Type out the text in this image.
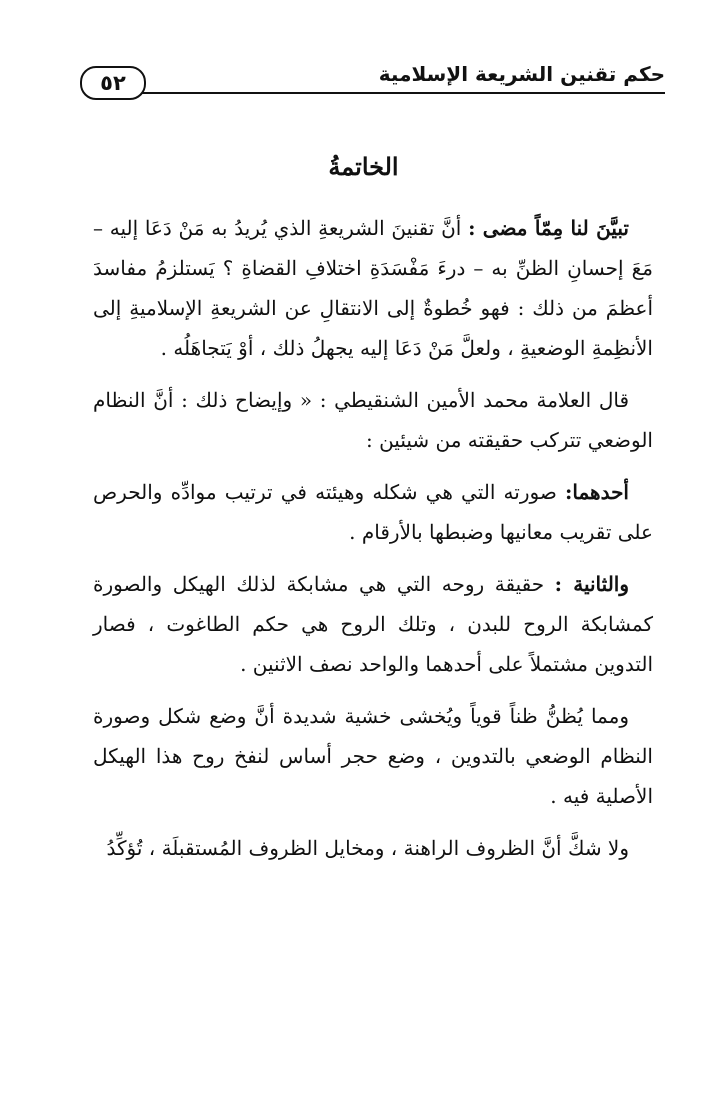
حكم تقنين الشريعة الإسلامية
٥٢
الخاتمةُ

تبيَّنَ لنا مِمّاً مضى : أنَّ تقنينَ الشريعةِ الذي يُريدُ به مَنْ دَعَا إليه – مَعَ إحسانِ الظنِّ به – درءَ مَفْسَدَةِ اختلافِ القضاةِ ؟ يَستلزمُ مفاسدَ أعظمَ من ذلك : فهو خُطوةٌ إلى الانتقالِ عن الشريعةِ الإسلاميةِ إلى الأنظِمةِ الوضعيةِ ، ولعلَّ مَنْ دَعَا إليه يجهلُ ذلك ، أوْ يَتجاهَلُه .

قال العلامة محمد الأمين الشنقيطي : « وإيضاح ذلك : أنَّ النظام الوضعي تتركب حقيقته من شيئين :

أحدهما: صورته التي هي شكله وهيئته في ترتيب موادِّه والحرص على تقريب معانيها وضبطها بالأرقام .

والثانية : حقيقة روحه التي هي مشابكة لذلك الهيكل والصورة كمشابكة الروح للبدن ، وتلك الروح هي حكم الطاغوت ، فصار التدوين مشتملاً على أحدهما والواحد نصف الاثنين .

ومما يُظنُّ ظناً قوياً ويُخشى خشية شديدة أنَّ وضع شكل وصورة النظام الوضعي بالتدوين ، وضع حجر أساس لنفخ روح هذا الهيكل الأصلية فيه .

ولا شكَّ أنَّ الظروف الراهنة ، ومخايل الظروف المُستقبلَة ، تُؤكِّدُ
